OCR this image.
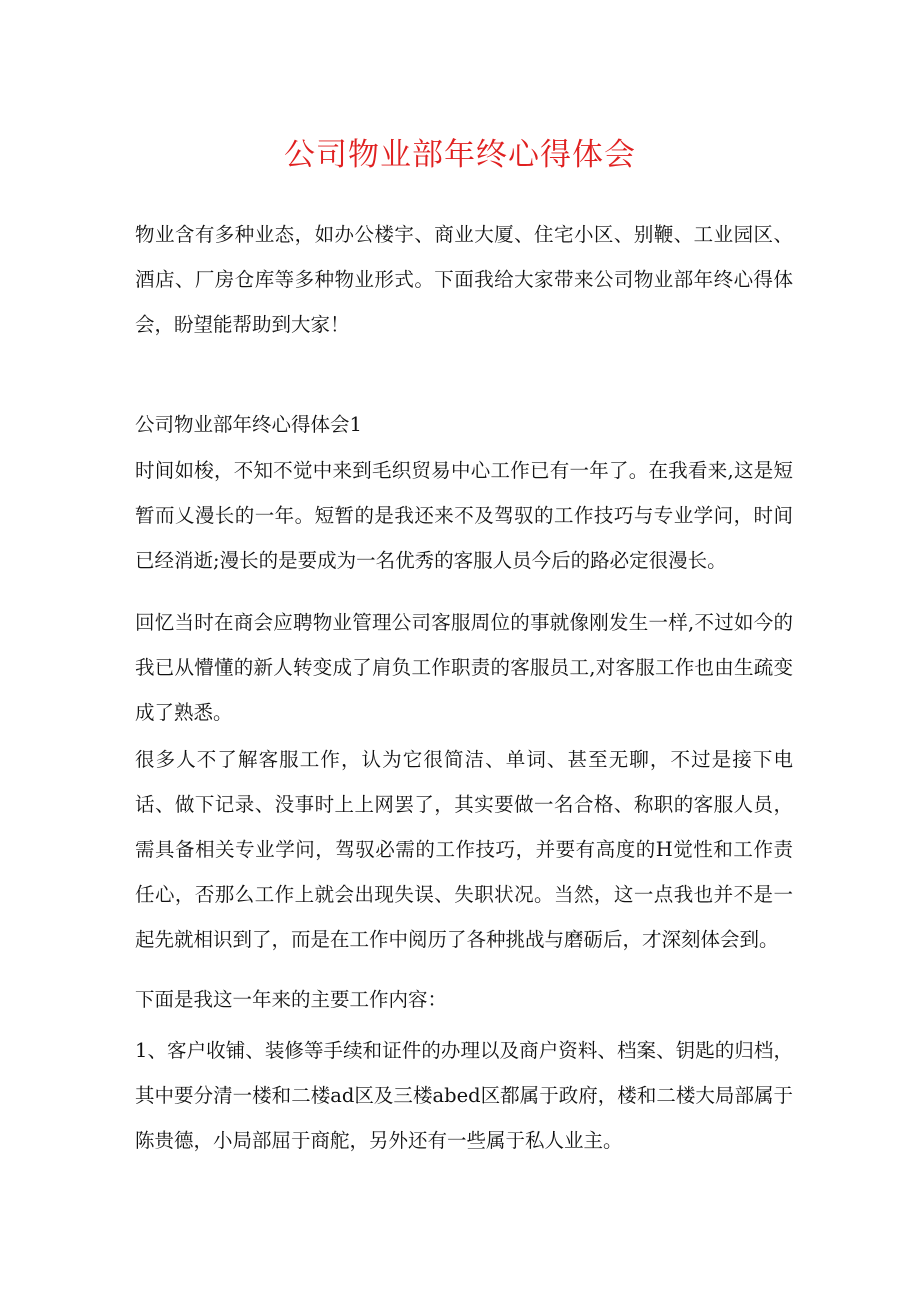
公司物业部年终心得体会

物业含有多种业态，如办公楼宇、商业大厦、住宅小区、别鞭、工业园区、酒店、厂房仓库等多种物业形式。下面我给大家带来公司物业部年终心得体会，盼望能帮助到大家！

公司物业部年终心得体会1

时间如梭，不知不觉中来到毛织贸易中心工作已有一年了。在我看来,这是短暂而乂漫长的一年。短暂的是我还来不及驾驭的工作技巧与专业学问，时间已经消逝;漫长的是要成为一名优秀的客服人员今后的路必定很漫长。

回忆当时在商会应聘物业管理公司客服周位的事就像刚发生一样,不过如今的我已从懵懂的新人转变成了肩负工作职责的客服员工,对客服工作也由生疏变成了熟悉。

很多人不了解客服工作，认为它很简洁、单词、甚至无聊，不过是接下电话、做下记录、没事时上上网罢了，其实要做一名合格、称职的客服人员，需具备相关专业学问，驾驭必需的工作技巧，并要有高度的H觉性和工作责任心，否那么工作上就会出现失误、失职状况。当然，这一点我也并不是一起先就相识到了，而是在工作中阅历了各种挑战与磨砺后，才深刻体会到。

下面是我这一年来的主要工作内容：

1、客户收铺、装修等手续和证件的办理以及商户资料、档案、钥匙的归档，其中要分清一楼和二楼ad区及三楼abed区都属于政府，楼和二楼大局部属于陈贵德，小局部屈于商舵，另外还有一些属于私人业主。
